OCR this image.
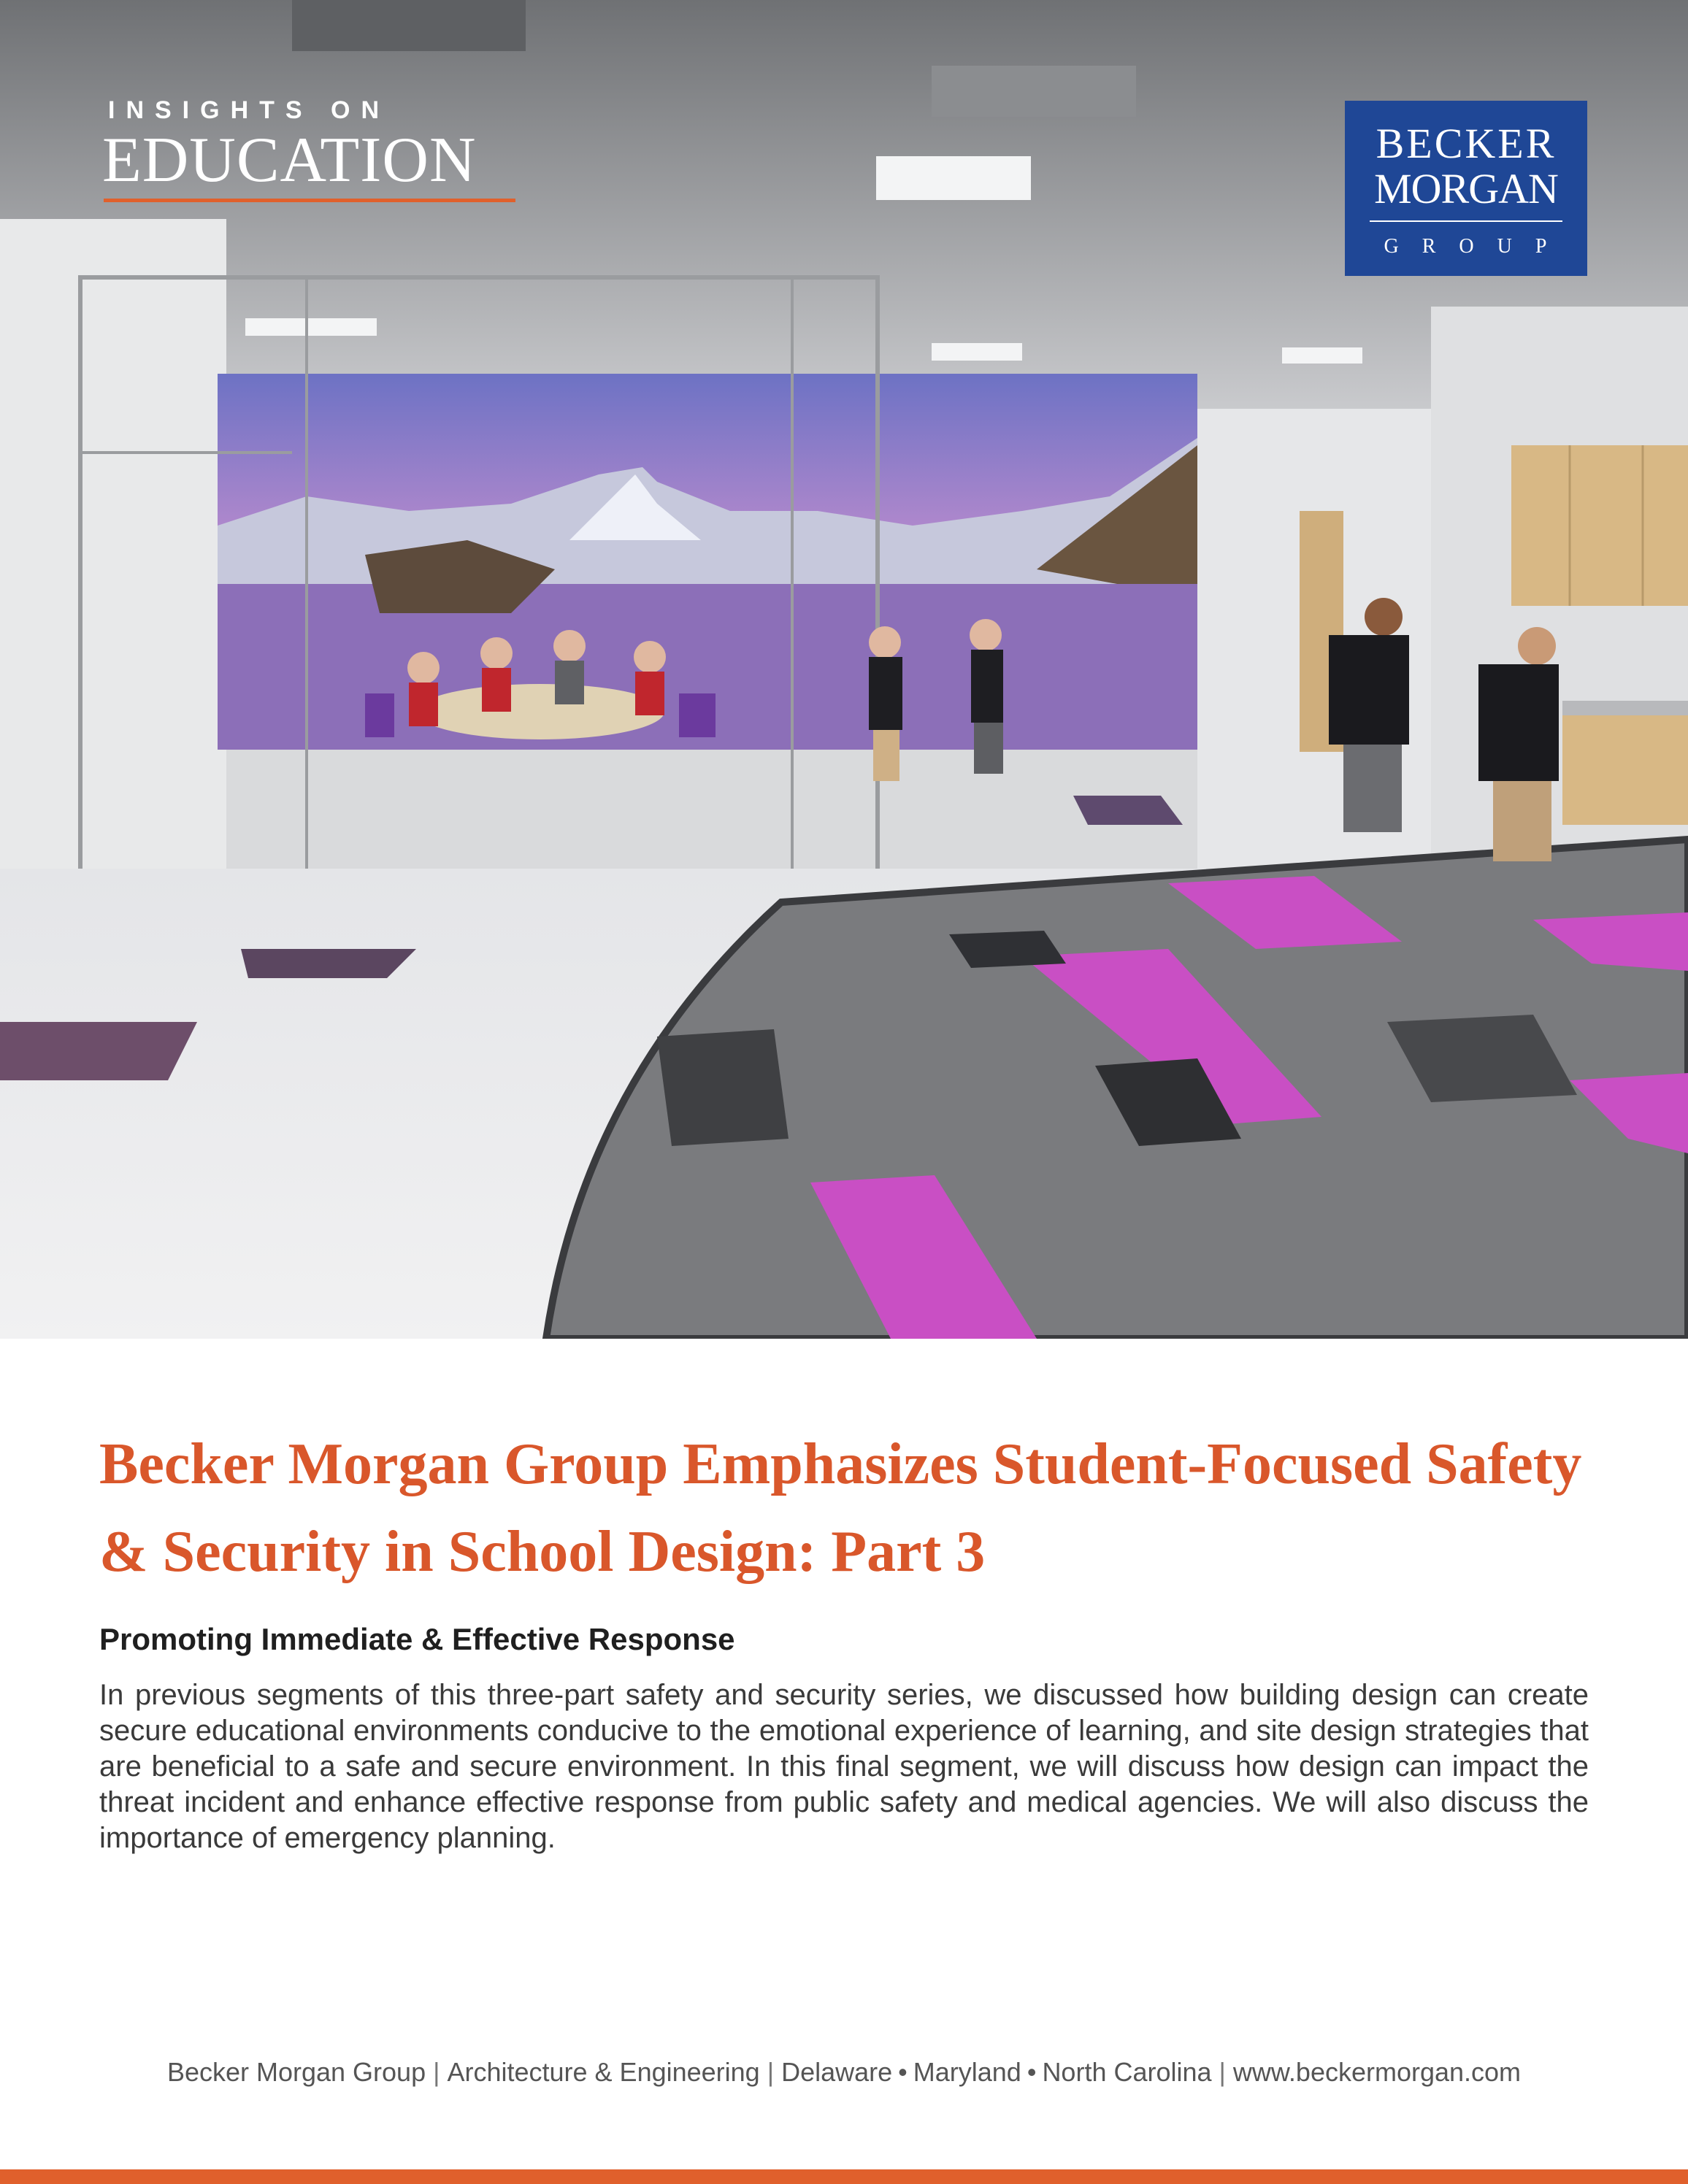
INSIGHTS ON
EDUCATION	BECKER
MORGAN
GROUP
Becker Morgan Group Emphasizes Student-Focused Safety & Security in School Design: Part 3
Promoting Immediate & Effective Response

In previous segments of this three-part safety and security series, we discussed how building design can create secure educational environments conducive to the emotional experience of learning, and site design strategies that are beneficial to a safe and secure environment. In this final segment, we will discuss how design can impact the threat incident and enhance effective response from public safety and medical agencies. We will also discuss the importance of emergency planning.

Becker Morgan Group | Architecture & Engineering | Delaware • Maryland • North Carolina | www.beckermorgan.com
